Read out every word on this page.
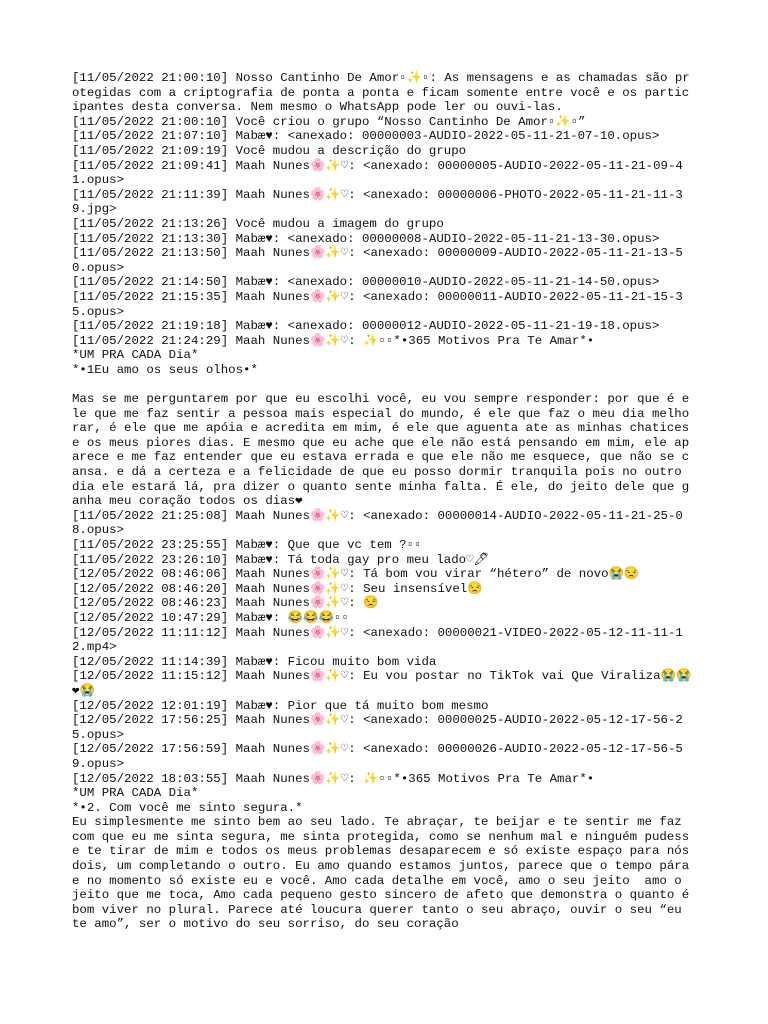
[11/05/2022 21:00:10] Nosso Cantinho De Amor▫✨▫: As mensagens e as chamadas são protegidas com a criptografia de ponta a ponta e ficam somente entre você e os participantes desta conversa. Nem mesmo o WhatsApp pode ler ou ouvi-las.
[11/05/2022 21:00:10] Você criou o grupo “Nosso Cantinho De Amor▫✨▫”
[11/05/2022 21:07:10] Mabæ♥: <anexado: 00000003-AUDIO-2022-05-11-21-07-10.opus>
[11/05/2022 21:09:19] Você mudou a descrição do grupo
[11/05/2022 21:09:41] Maah Nunes🌸✨♡: <anexado: 00000005-AUDIO-2022-05-11-21-09-41.opus>
[11/05/2022 21:11:39] Maah Nunes🌸✨♡: <anexado: 00000006-PHOTO-2022-05-11-21-11-39.jpg>
[11/05/2022 21:13:26] Você mudou a imagem do grupo
[11/05/2022 21:13:30] Mabæ♥: <anexado: 00000008-AUDIO-2022-05-11-21-13-30.opus>
[11/05/2022 21:13:50] Maah Nunes🌸✨♡: <anexado: 00000009-AUDIO-2022-05-11-21-13-50.opus>
[11/05/2022 21:14:50] Mabæ♥: <anexado: 00000010-AUDIO-2022-05-11-21-14-50.opus>
[11/05/2022 21:15:35] Maah Nunes🌸✨♡: <anexado: 00000011-AUDIO-2022-05-11-21-15-35.opus>
[11/05/2022 21:19:18] Mabæ♥: <anexado: 00000012-AUDIO-2022-05-11-21-19-18.opus>
[11/05/2022 21:24:29] Maah Nunes🌸✨♡: ✨▫▫*•365 Motivos Pra Te Amar*•
*UM PRA CADA Dia*
*•1Eu amo os seus olhos•*
Mas se me perguntarem por que eu escolhi você, eu vou sempre responder: por que é ele que me faz sentir a pessoa mais especial do mundo, é ele que faz o meu dia melhorar, é ele que me apóia e acredita em mim, é ele que aguenta ate as minhas chatices e os meus piores dias. E mesmo que eu ache que ele não está pensando em mim, ele aparece e me faz entender que eu estava errada e que ele não me esquece, que não se cansa. e dá a certeza e a felicidade de que eu posso dormir tranquila pois no outro dia ele estará lá, pra dizer o quanto sente minha falta. É ele, do jeito dele que ganha meu coração todos os dias❤
[11/05/2022 21:25:08] Maah Nunes🌸✨♡: <anexado: 00000014-AUDIO-2022-05-11-21-25-08.opus>
[11/05/2022 23:25:55] Mabæ♥: Que que vc tem ?▫▫
[11/05/2022 23:26:10] Mabæ♥: Tá toda gay pro meu lado♡🖊
[12/05/2022 08:46:06] Maah Nunes🌸✨♡: Tá bom vou virar “hétero” de novo😭😒
[12/05/2022 08:46:20] Maah Nunes🌸✨♡: Seu insensível😒
[12/05/2022 08:46:23] Maah Nunes🌸✨♡: 😒
[12/05/2022 10:47:29] Mabæ♥: 😂😂😂▫▫
[12/05/2022 11:11:12] Maah Nunes🌸✨♡: <anexado: 00000021-VIDEO-2022-05-12-11-11-12.mp4>
[12/05/2022 11:14:39] Mabæ♥: Ficou muito bom vida
[12/05/2022 11:15:12] Maah Nunes🌸✨♡: Eu vou postar no TikTok vai Que Viraliza😭😭❤😭
[12/05/2022 12:01:19] Mabæ♥: Pior que tá muito bom mesmo
[12/05/2022 17:56:25] Maah Nunes🌸✨♡: <anexado: 00000025-AUDIO-2022-05-12-17-56-25.opus>
[12/05/2022 17:56:59] Maah Nunes🌸✨♡: <anexado: 00000026-AUDIO-2022-05-12-17-56-59.opus>
[12/05/2022 18:03:55] Maah Nunes🌸✨♡: ✨▫▫*•365 Motivos Pra Te Amar*•
*UM PRA CADA Dia*
*•2. Com você me sinto segura.*
Eu simplesmente me sinto bem ao seu lado. Te abraçar, te beijar e te sentir me faz com que eu me sinta segura, me sinta protegida, como se nenhum mal e ninguém pudesse te tirar de mim e todos os meus problemas desaparecem e só existe espaço para nós dois, um completando o outro. Eu amo quando estamos juntos, parece que o tempo pára e no momento só existe eu e você. Amo cada detalhe em você, amo o seu jeito  amo o jeito que me toca, Amo cada pequeno gesto sincero de afeto que demonstra o quanto é bom viver no plural. Parece até loucura querer tanto o seu abraço, ouvir o seu “eu te amo”, ser o motivo do seu sorriso, do seu coração
